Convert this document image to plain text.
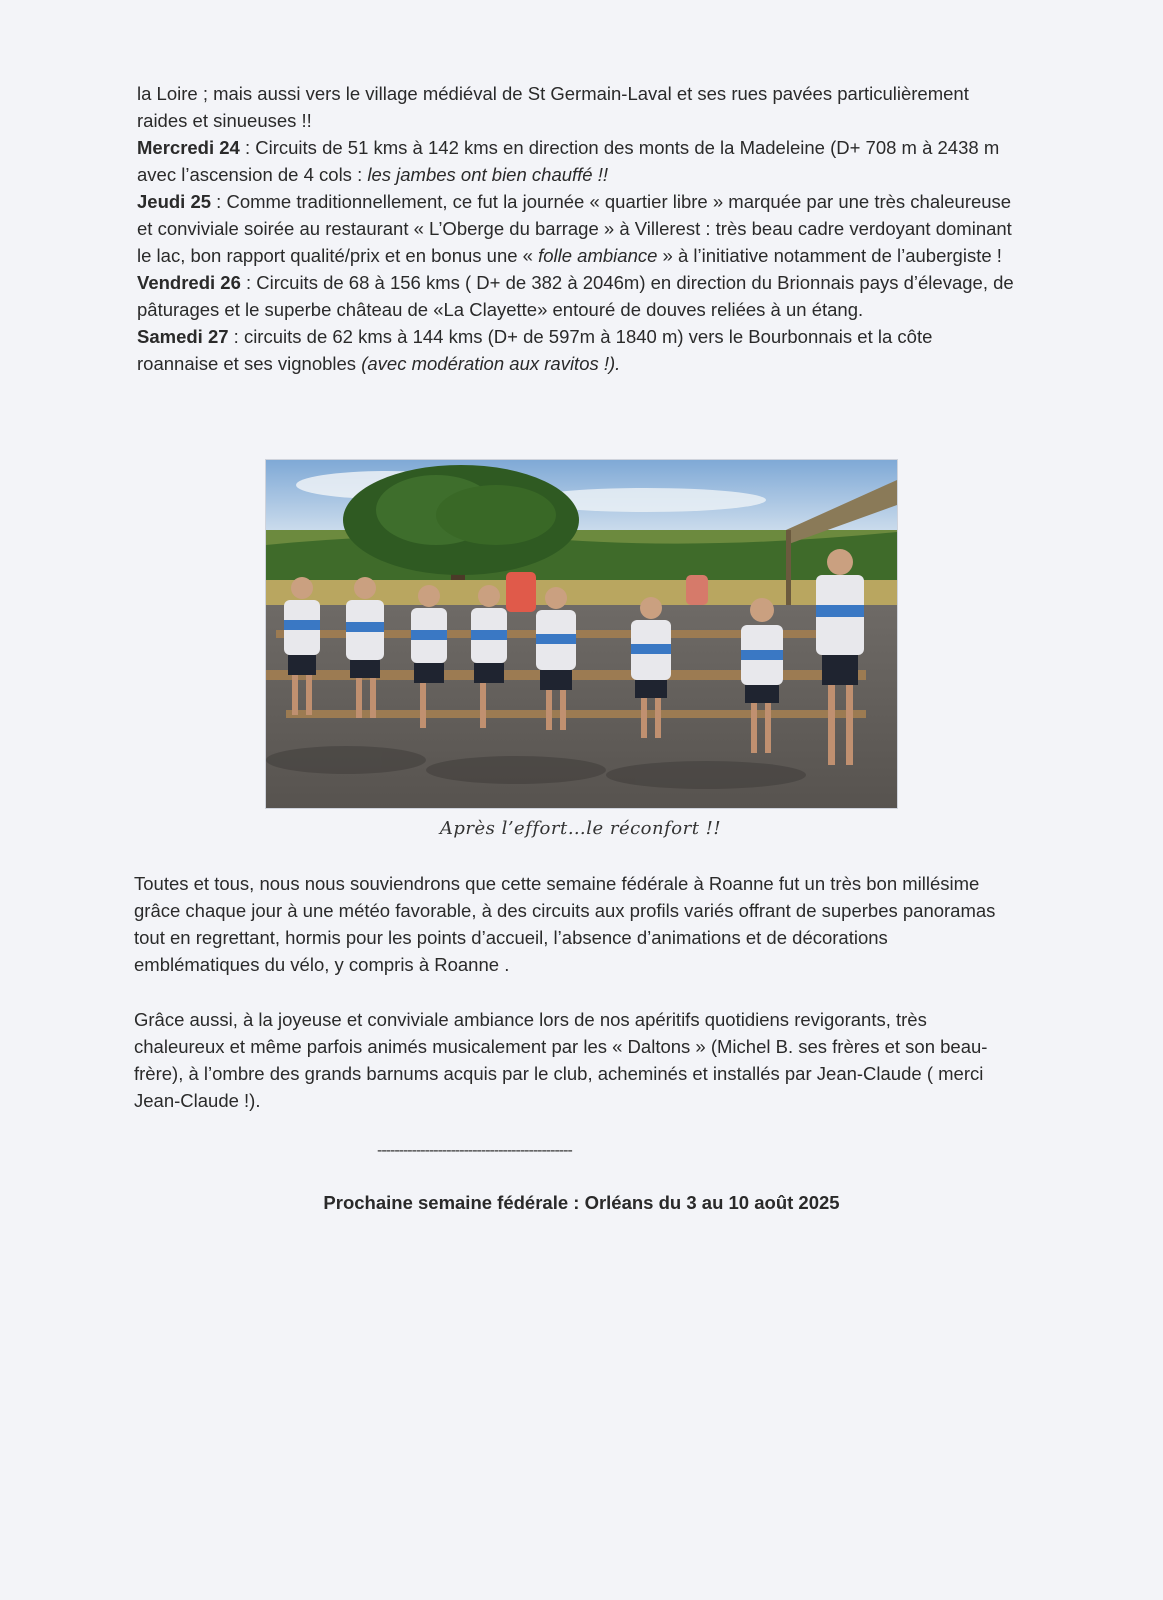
la Loire ; mais aussi vers le village médiéval de St Germain-Laval et ses rues pavées particulièrement raides et sinueuses !!

Mercredi 24 : Circuits de 51 kms à 142 kms en direction des monts de la Madeleine (D+ 708 m à 2438 m avec l’ascension de 4 cols : les jambes ont bien chauffé !!

Jeudi 25 : Comme traditionnellement, ce fut la journée « quartier libre » marquée par une très chaleureuse et conviviale soirée au restaurant « L’Oberge du barrage » à Villerest : très beau cadre verdoyant dominant le lac, bon rapport qualité/prix et en bonus une « folle ambiance » à l’initiative notamment de l’aubergiste !

Vendredi 26 : Circuits de 68 à 156 kms ( D+ de 382 à 2046m) en direction du Brionnais pays d’élevage, de pâturages et le superbe château de «La Clayette» entouré de douves reliées à un étang.

Samedi 27 : circuits de 62 kms à 144 kms (D+ de 597m à 1840 m) vers le Bourbonnais et la côte roannaise et ses vignobles (avec modération aux ravitos !).

Après l’effort…le réconfort !!

Toutes et tous, nous nous souviendrons que cette semaine fédérale à Roanne fut un très bon millésime grâce chaque jour à une météo favorable, à des circuits aux profils variés offrant de superbes panoramas tout en regrettant, hormis pour les points d’accueil, l’absence d’animations et de décorations emblématiques du vélo, y compris à Roanne .

Grâce aussi, à la joyeuse et conviviale ambiance lors de nos apéritifs quotidiens revigorants, très chaleureux et même parfois animés musicalement par les « Daltons » (Michel B. ses frères et son beau-frère), à l’ombre des grands barnums acquis par le club, acheminés et installés par Jean-Claude ( merci Jean-Claude !).

---------------------------------------------
Prochaine semaine fédérale : Orléans du 3 au 10 août 2025
